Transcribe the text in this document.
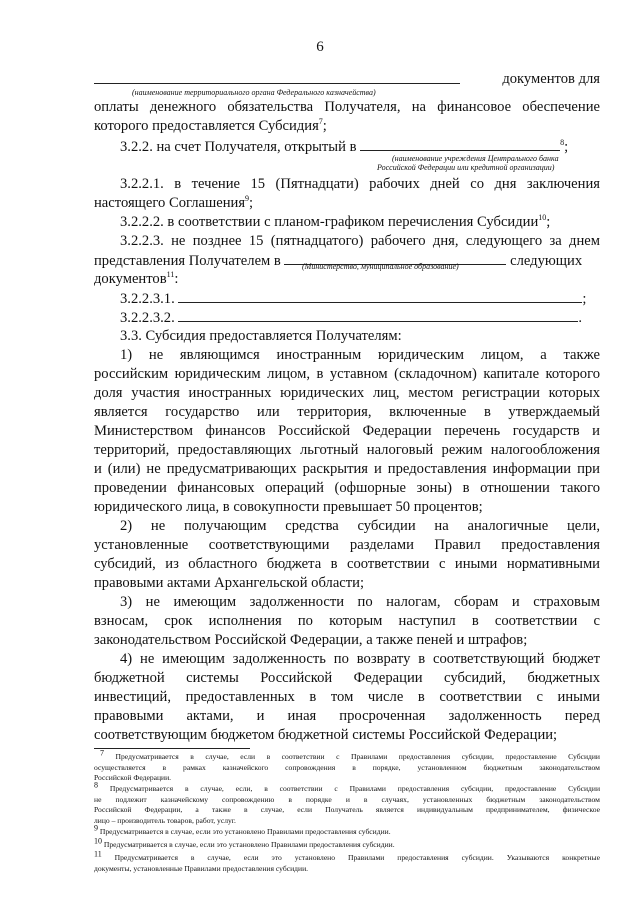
6
документов для
(наименование территориального органа Федерального казначейства)
оплаты денежного обязательства Получателя, на финансовое обеспечение
которого предоставляется Субсидия$^7$;
3.2.2. на счет Получателя, открытый в	$^8$;
(наименование учреждения Центрального банка
Российской Федерации или кредитной организации)
3.2.2.1. в течение 15 (Пятнадцати) рабочих дней со дня заключения
настоящего Соглашения$^9$;
3.2.2.2. в соответствии с планом-графиком перечисления Субсидии$^{10}$;
3.2.2.3. не позднее 15 (пятнадцатого) рабочего дня, следующего за днем
представления Получателем в	следующих
(Министерство, муниципальное образование)
документов$^{11}$:
3.2.2.3.1.	;
3.2.2.3.2.	.
3.3. Субсидия предоставляется Получателям:
1) не являющимся иностранным юридическим лицом, а также
российским юридическим лицом, в уставном (складочном) капитале которого
доля участия иностранных юридических лиц, местом регистрации которых
является государство или территория, включенные в утверждаемый
Министерством финансов Российской Федерации перечень государств и
территорий, предоставляющих льготный налоговый режим налогообложения
и (или) не предусматривающих раскрытия и предоставления информации при
проведении финансовых операций (офшорные зоны) в отношении такого
юридического лица, в совокупности превышает 50 процентов;
2) не получающим средства субсидии на аналогичные цели,
установленные соответствующими разделами Правил предоставления
субсидий, из областного бюджета в соответствии с иными нормативными
правовыми актами Архангельской области;
3) не имеющим задолженности по налогам, сборам и страховым
взносам, срок исполнения по которым наступил в соответствии с
законодательством Российской Федерации, а также пеней и штрафов;
4) не имеющим задолженность по возврату в соответствующий бюджет
бюджетной системы Российской Федерации субсидий, бюджетных
инвестиций, предоставленных в том числе в соответствии с иными
правовыми актами, и иная просроченная задолженность перед
соответствующим бюджетом бюджетной системы Российской Федерации;
$^7$ Предусматривается в случае, если в соответствии с Правилами предоставления субсидии, предоставление Субсидии
осуществляется в рамках казначейского сопровождения в порядке, установленном бюджетным законодательством
Российской Федерации.
$^8$ Предусматривается в случае, если, в соответствии с Правилами предоставления субсидии, предоставление Субсидии
не подлежит казначейскому сопровождению в порядке и в случаях, установленных бюджетным законодательством
Российской Федерации, а также в случае, если Получатель является индивидуальным предпринимателем, физическое
лицо – производитель товаров, работ, услуг.
$^9$ Предусматривается в случае, если это установлено Правилами предоставления субсидии.
$^{10}$ Предусматривается в случае, если это установлено Правилами предоставления субсидии.
$^{11}$ Предусматривается в случае, если это установлено Правилами предоставления субсидии. Указываются конкретные
документы, установленные Правилами предоставления субсидии.
